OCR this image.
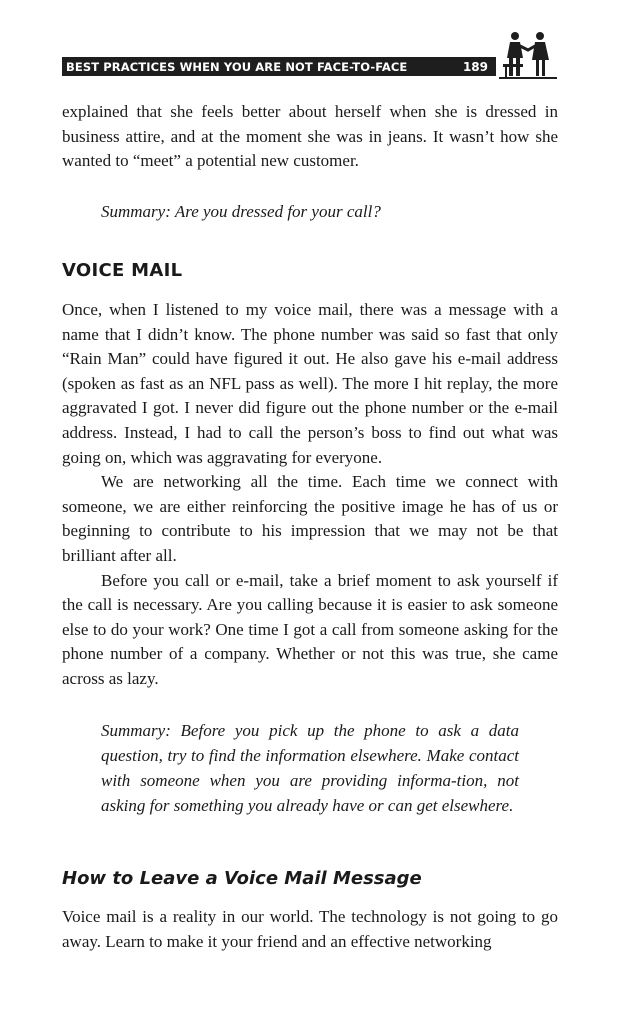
BEST PRACTICES WHEN YOU ARE NOT FACE-TO-FACE	189

explained that she feels better about herself when she is dressed in business attire, and at the moment she was in jeans. It wasn’t how she wanted to “meet” a potential new customer.

Summary: Are you dressed for your call?

VOICE MAIL

Once, when I listened to my voice mail, there was a message with a name that I didn’t know. The phone number was said so fast that only “Rain Man” could have figured it out. He also gave his e-mail address (spoken as fast as an NFL pass as well). The more I hit replay, the more aggravated I got. I never did figure out the phone number or the e-mail address. Instead, I had to call the person’s boss to find out what was going on, which was aggravating for everyone.

We are networking all the time. Each time we connect with someone, we are either reinforcing the positive image he has of us or beginning to contribute to his impression that we may not be that brilliant after all.

Before you call or e-mail, take a brief moment to ask yourself if the call is necessary. Are you calling because it is easier to ask someone else to do your work? One time I got a call from someone asking for the phone number of a company. Whether or not this was true, she came across as lazy.

Summary: Before you pick up the phone to ask a data question, try to find the information elsewhere. Make contact with someone when you are providing informa-tion, not asking for something you already have or can get elsewhere.

How to Leave a Voice Mail Message

Voice mail is a reality in our world. The technology is not going to go away. Learn to make it your friend and an effective networking
